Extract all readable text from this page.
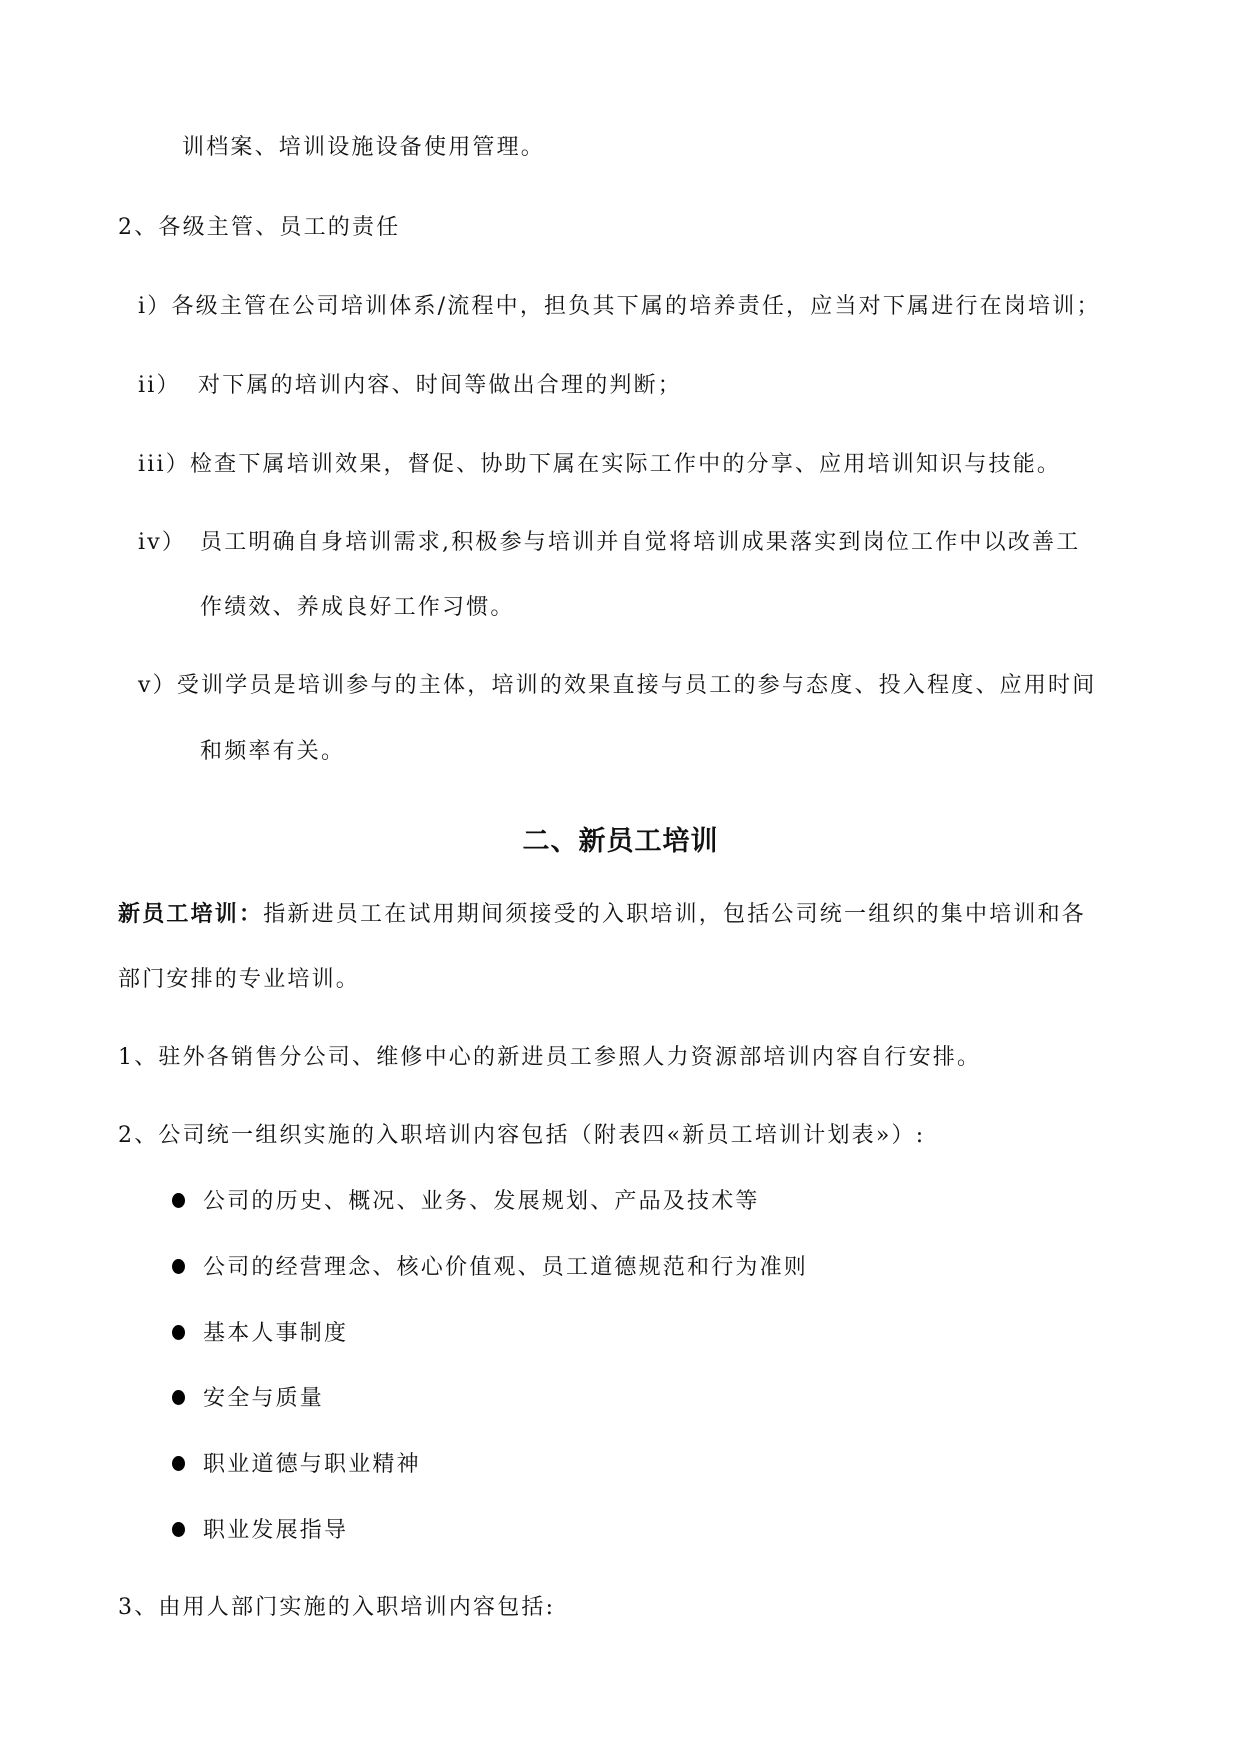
训档案、培训设施设备使用管理。
2、各级主管、员工的责任
i）各级主管在公司培训体系/流程中，担负其下属的培养责任，应当对下属进行在岗培训；
ii） 对下属的培训内容、时间等做出合理的判断；
iii）检查下属培训效果，督促、协助下属在实际工作中的分享、应用培训知识与技能。
iv） 员工明确自身培训需求,积极参与培训并自觉将培训成果落实到岗位工作中以改善工
作绩效、养成良好工作习惯。
v）受训学员是培训参与的主体，培训的效果直接与员工的参与态度、投入程度、应用时间
和频率有关。
二、新员工培训
新员工培训：指新进员工在试用期间须接受的入职培训，包括公司统一组织的集中培训和各
部门安排的专业培训。
1、驻外各销售分公司、维修中心的新进员工参照人力资源部培训内容自行安排。
2、公司统一组织实施的入职培训内容包括（附表四«新员工培训计划表»）:
公司的历史、概况、业务、发展规划、产品及技术等
公司的经营理念、核心价值观、员工道德规范和行为准则
基本人事制度
安全与质量
职业道德与职业精神
职业发展指导
3、由用人部门实施的入职培训内容包括:
